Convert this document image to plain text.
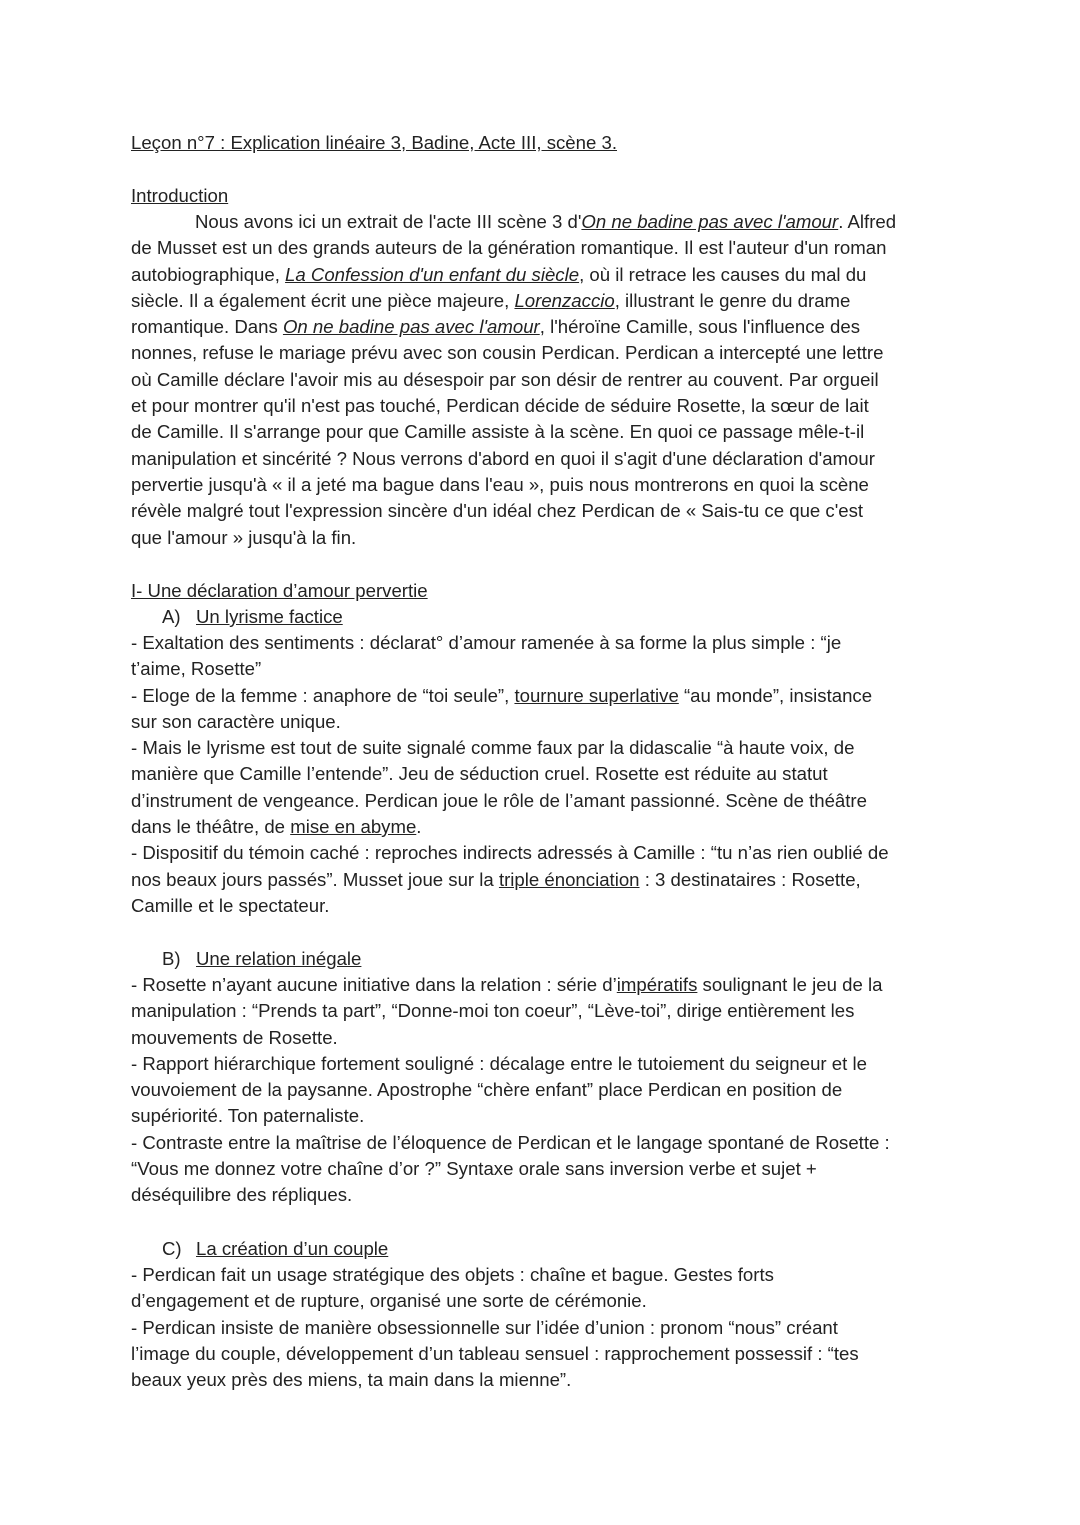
Leçon n°7 : Explication linéaire 3, Badine, Acte III, scène 3.
Introduction
Nous avons ici un extrait de l'acte III scène 3 d'On ne badine pas avec l'amour. Alfred
de Musset est un des grands auteurs de la génération romantique. Il est l'auteur d'un roman
autobiographique, La Confession d'un enfant du siècle, où il retrace les causes du mal du
siècle. Il a également écrit une pièce majeure, Lorenzaccio, illustrant le genre du drame
romantique. Dans On ne badine pas avec l'amour, l'héroïne Camille, sous l'influence des
nonnes, refuse le mariage prévu avec son cousin Perdican. Perdican a intercepté une lettre
où Camille déclare l'avoir mis au désespoir par son désir de rentrer au couvent. Par orgueil
et pour montrer qu'il n'est pas touché, Perdican décide de séduire Rosette, la sœur de lait
de Camille. Il s'arrange pour que Camille assiste à la scène. En quoi ce passage mêle-t-il
manipulation et sincérité ? Nous verrons d'abord en quoi il s'agit d'une déclaration d'amour
pervertie jusqu'à « il a jeté ma bague dans l'eau », puis nous montrerons en quoi la scène
révèle malgré tout l'expression sincère d'un idéal chez Perdican de « Sais-tu ce que c'est
que l'amour » jusqu'à la fin.
I- Une déclaration d’amour pervertie
A) Un lyrisme factice
- Exaltation des sentiments : déclarat° d’amour ramenée à sa forme la plus simple : “je
t’aime, Rosette”
- Eloge de la femme : anaphore de “toi seule”, tournure superlative “au monde”, insistance
sur son caractère unique.
- Mais le lyrisme est tout de suite signalé comme faux par la didascalie “à haute voix, de
manière que Camille l’entende”. Jeu de séduction cruel. Rosette est réduite au statut
d’instrument de vengeance. Perdican joue le rôle de l’amant passionné. Scène de théâtre
dans le théâtre, de mise en abyme.
- Dispositif du témoin caché : reproches indirects adressés à Camille : “tu n’as rien oublié de
nos beaux jours passés”. Musset joue sur la triple énonciation : 3 destinataires : Rosette,
Camille et le spectateur.
B) Une relation inégale
- Rosette n’ayant aucune initiative dans la relation : série d’impératifs soulignant le jeu de la
manipulation : “Prends ta part”, “Donne-moi ton coeur”, “Lève-toi”, dirige entièrement les
mouvements de Rosette.
- Rapport hiérarchique fortement souligné : décalage entre le tutoiement du seigneur et le
vouvoiement de la paysanne. Apostrophe “chère enfant” place Perdican en position de
supériorité. Ton paternaliste.
- Contraste entre la maîtrise de l’éloquence de Perdican et le langage spontané de Rosette :
“Vous me donnez votre chaîne d’or ?” Syntaxe orale sans inversion verbe et sujet +
déséquilibre des répliques.
C) La création d’un couple
- Perdican fait un usage stratégique des objets : chaîne et bague. Gestes forts
d’engagement et de rupture, organisé une sorte de cérémonie.
- Perdican insiste de manière obsessionnelle sur l’idée d’union : pronom “nous” créant
l’image du couple, développement d’un tableau sensuel : rapprochement possessif : “tes
beaux yeux près des miens, ta main dans la mienne”.
